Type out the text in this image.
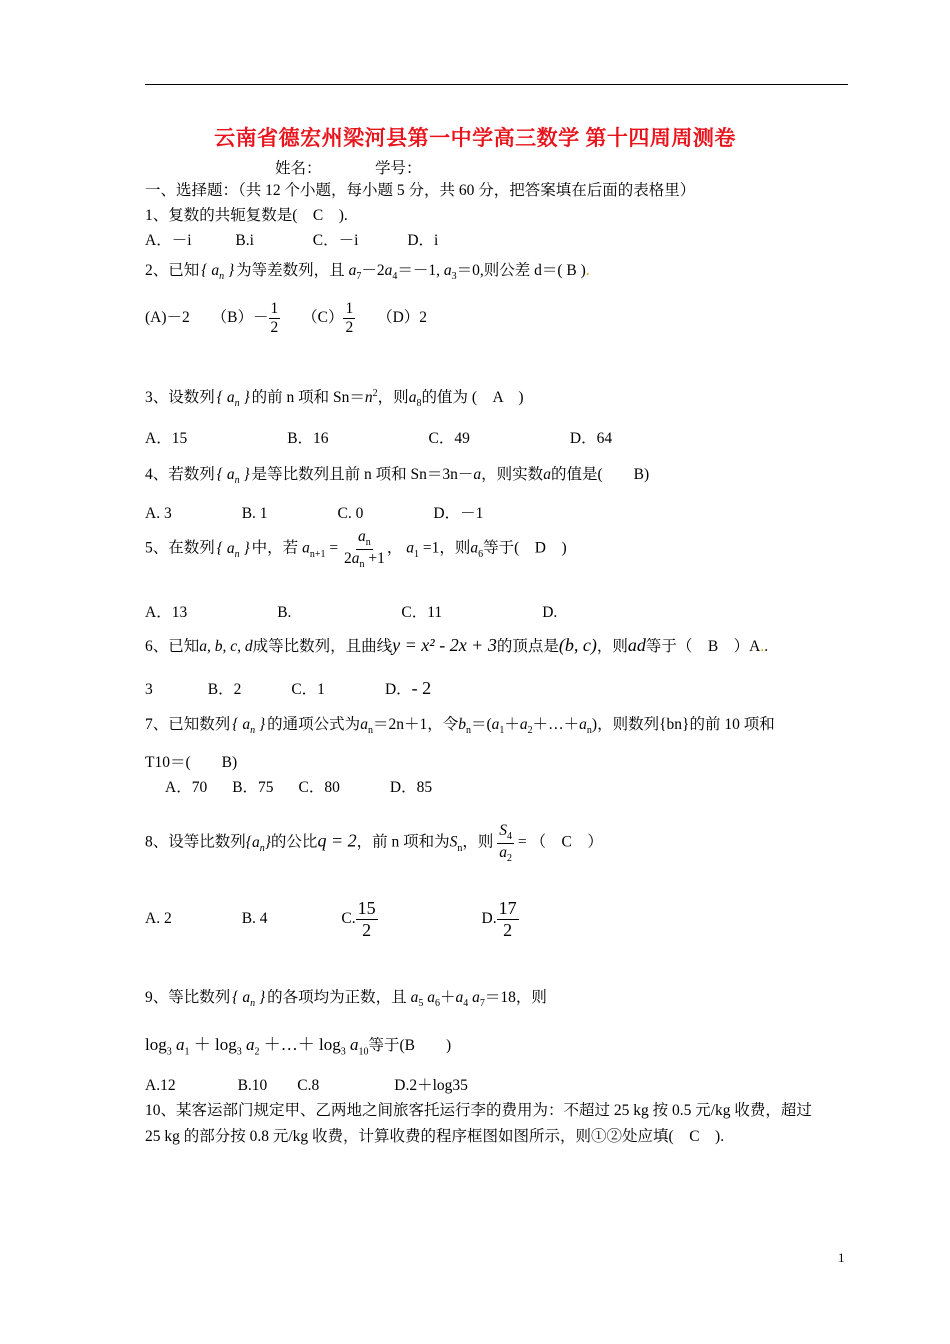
云南省德宏州梁河县第一中学高三数学 第十四周周测卷
姓名：	学号：
一、选择题：（共 12 个小题，每小题 5 分，共 60 分，把答案填在后面的表格里）
1、复数的共轭复数是(　C　).
A．－i	B.i	C．－i	D．i
2、已知 { $a_n$ } 为等差数列，且 $a_7-2a_4=-1$, $a_3=0$,则公差 d＝( B ).
(A)－2 $(B)- \frac{1}{2} (C) \frac{1}{2} (D)2$
3、设数列 { $a_n$ } 的前 n 项和 $Sn=n^2$，则$a_8$的值为 (　A　)
A．15	B．16	C．49	D．64
4、若数列 { $a_n$ } 是等比数列且前 n 项和 Sn＝3n－a，则实数a的值是(　　B)
A. 3	B. 1	C. 0	D．－1
5、在数列 { $a_n$ } 中，若 $a_{n+1} = \frac{a_n}{2a_n +1}$ ， $a_1 =1$，则$a_6$等于(　D　)
A．13	B.	C．11	D.
6、已知a, b, c, d成等比数列，且曲线y = x² - 2x + 3的顶点是(b, c)，则ad等于（　B　）A..
3	B．2	C．1	D．- 2
7、已知数列 { $a_n$ } 的通项公式为$a_n=2n+1$，令$b_n=(a_1+a_2+\dots+a_n)$，则数列{bn}的前 10 项和
T10＝(　　B)
A．70 B．75 C．80	D．85
8、设等比数列$\{a_n\}$的公比q = 2，前 n 项和为$S_n$，则 $\frac{S_4}{a_2}$ = （　C　）
A. 2	B. 4	C. $\frac{15}{2}$	D. $\frac{17}{2}$
9、等比数列 { $a_n$ } 的各项均为正数，且 $a_5$ $a_6+a_4$ $a_7=18$，则
$\log_3 a_1 + \log_3 a_2$ ＋…＋ $\log_3 a_{10}$等于(B　　)
A.12	B.10 C.8	D.2＋log35
10、某客运部门规定甲、乙两地之间旅客托运行李的费用为：不超过 25 kg 按 0.5 元/kg 收费，超过
25 kg 的部分按 0.8 元/kg 收费，计算收费的程序框图如图所示，则①②处应填(　C　).
1
